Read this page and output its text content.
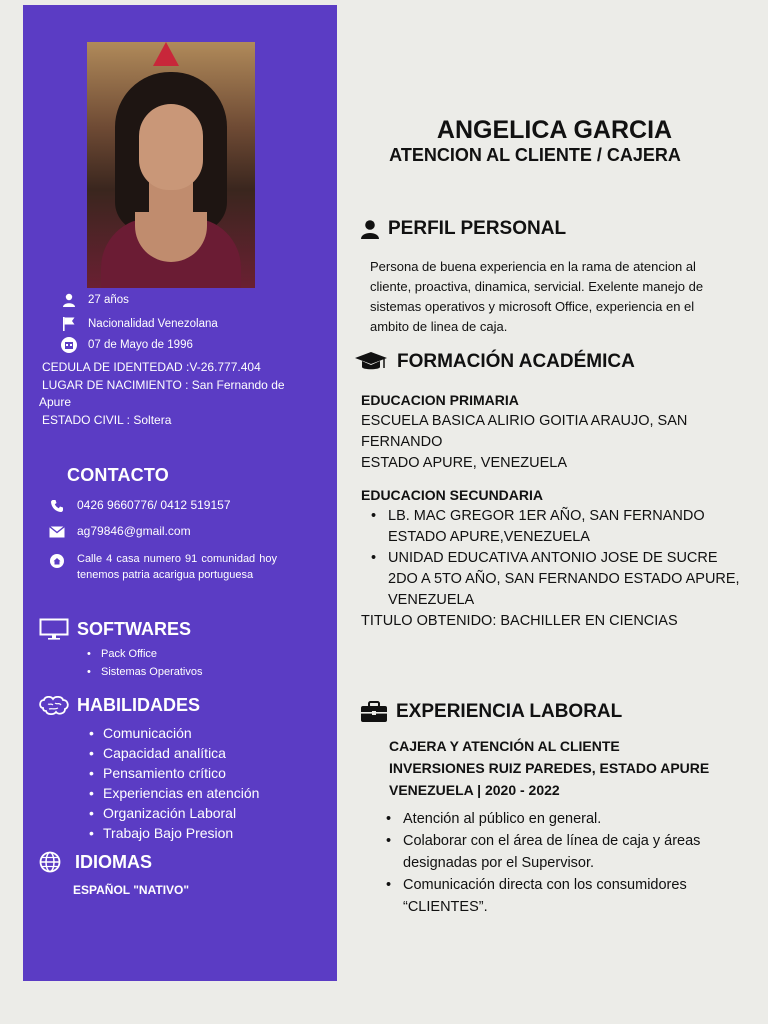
27 años
Nacionalidad Venezolana
07 de Mayo de 1996
CEDULA DE IDENTEDAD :V-26.777.404
LUGAR DE NACIMIENTO : San Fernando de
Apure
ESTADO CIVIL : Soltera
CONTACTO
0426 9660776/ 0412 519157
ag79846@gmail.com
Calle 4 casa numero 91 comunidad hoy tenemos patria acarigua portuguesa
SOFTWARES
• Pack Office
• Sistemas Operativos
HABILIDADES
• Comunicación
• Capacidad analítica
• Pensamiento crítico
• Experiencias en atención
• Organización Laboral
• Trabajo Bajo Presion
IDIOMAS
ESPAÑOL "NATIVO"
ANGELICA GARCIA
ATENCION AL CLIENTE / CAJERA
PERFIL PERSONAL
Persona de buena experiencia en la rama de atencion al
cliente, proactiva, dinamica, servicial. Exelente manejo de
sistemas operativos y microsoft Office, experiencia en el
ambito de linea de caja.
FORMACIÓN ACADÉMICA
EDUCACION PRIMARIA
ESCUELA BASICA ALIRIO GOITIA ARAUJO, SAN
FERNANDO
ESTADO APURE, VENEZUELA
EDUCACION SECUNDARIA
• LB. MAC GREGOR 1ER AÑO, SAN FERNANDO
ESTADO APURE,VENEZUELA
• UNIDAD EDUCATIVA ANTONIO JOSE DE SUCRE
2DO A 5TO AÑO, SAN FERNANDO ESTADO APURE,
VENEZUELA
TITULO OBTENIDO: BACHILLER EN CIENCIAS
EXPERIENCIA LABORAL
CAJERA Y ATENCIÓN AL CLIENTE
INVERSIONES RUIZ PAREDES, ESTADO APURE
VENEZUELA | 2020 - 2022
• Atención al público en general.
• Colaborar con el área de línea de caja y áreas
designadas por el Supervisor.
• Comunicación directa con los consumidores
“CLIENTES”.
